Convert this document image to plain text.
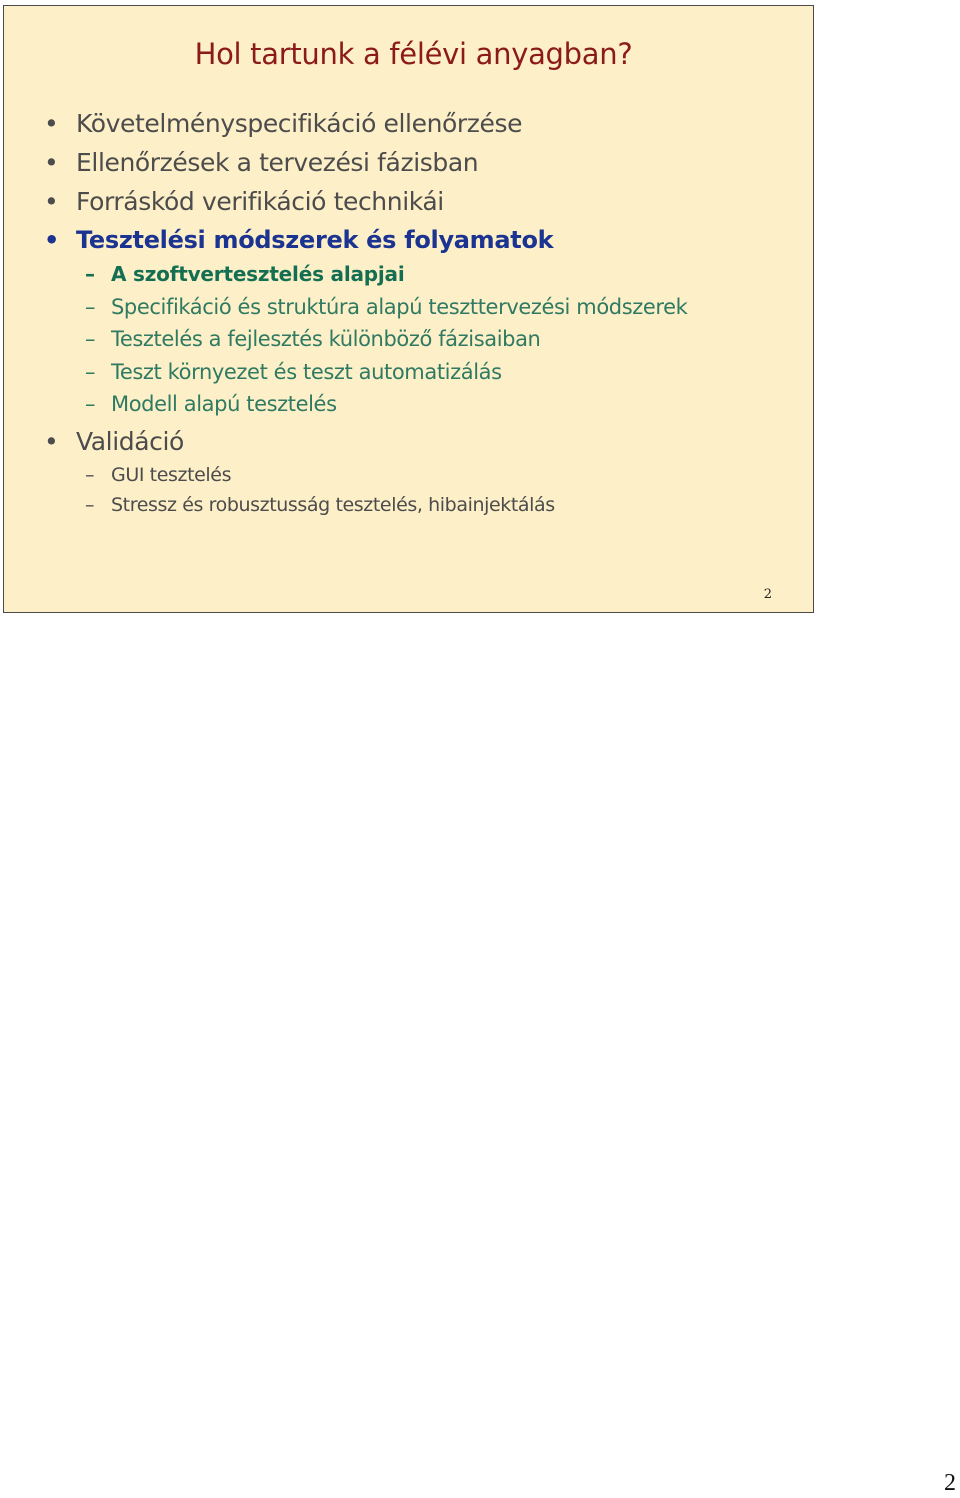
Hol tartunk a félévi anyagban?
• Követelményspecifikáció ellenőrzése
• Ellenőrzések a tervezési fázisban
• Forráskód verifikáció technikái
• Tesztelési módszerek és folyamatok
– A szoftvertesztelés alapjai
– Specifikáció és struktúra alapú teszttervezési módszerek
– Tesztelés a fejlesztés különböző fázisaiban
– Teszt környezet és teszt automatizálás
– Modell alapú tesztelés
• Validáció
– GUI tesztelés
– Stressz és robusztusság tesztelés, hibainjektálás
2
2
